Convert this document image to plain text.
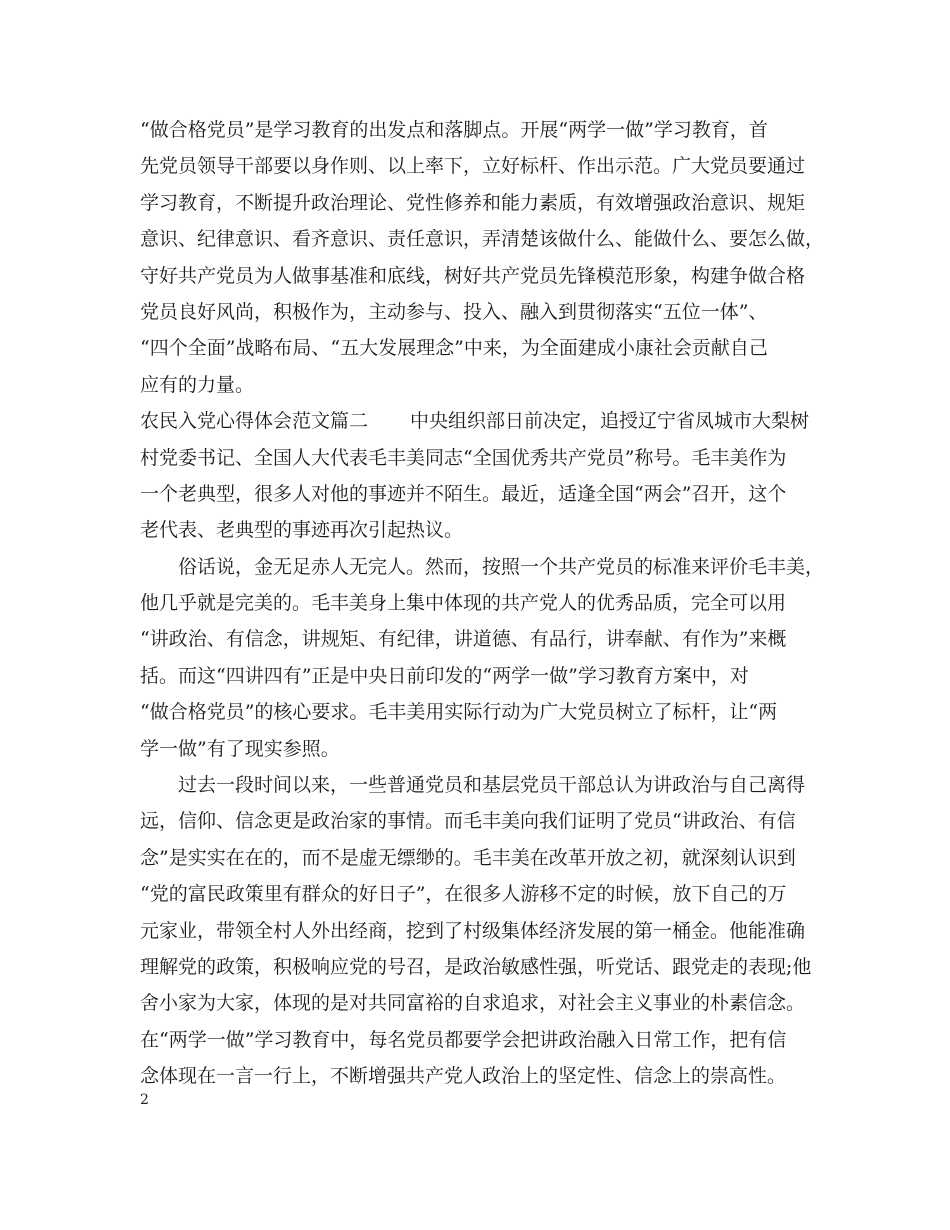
“做合格党员”是学习教育的出发点和落脚点。开展“两学一做”学习教育，首
先党员领导干部要以身作则、以上率下，立好标杆、作出示范。广大党员要通过
学习教育，不断提升政治理论、党性修养和能力素质，有效增强政治意识、规矩
意识、纪律意识、看齐意识、责任意识，弄清楚该做什么、能做什么、要怎么做，
守好共产党员为人做事基准和底线，树好共产党员先锋模范形象，构建争做合格
党员良好风尚，积极作为，主动参与、投入、融入到贯彻落实“五位一体”、
“四个全面”战略布局、“五大发展理念”中来，为全面建成小康社会贡献自己
应有的力量。
农民入党心得体会范文篇二 中央组织部日前决定，追授辽宁省凤城市大梨树
村党委书记、全国人大代表毛丰美同志“全国优秀共产党员”称号。毛丰美作为
一个老典型，很多人对他的事迹并不陌生。最近，适逢全国“两会”召开，这个
老代表、老典型的事迹再次引起热议。
俗话说，金无足赤人无完人。然而，按照一个共产党员的标准来评价毛丰美，
他几乎就是完美的。毛丰美身上集中体现的共产党人的优秀品质，完全可以用
“讲政治、有信念，讲规矩、有纪律，讲道德、有品行，讲奉献、有作为”来概
括。而这“四讲四有”正是中央日前印发的“两学一做”学习教育方案中，对
“做合格党员”的核心要求。毛丰美用实际行动为广大党员树立了标杆，让“两
学一做”有了现实参照。
过去一段时间以来，一些普通党员和基层党员干部总认为讲政治与自己离得
远，信仰、信念更是政治家的事情。而毛丰美向我们证明了党员“讲政治、有信
念”是实实在在的，而不是虚无缥缈的。毛丰美在改革开放之初，就深刻认识到
“党的富民政策里有群众的好日子”，在很多人游移不定的时候，放下自己的万
元家业，带领全村人外出经商，挖到了村级集体经济发展的第一桶金。他能准确
理解党的政策，积极响应党的号召，是政治敏感性强，听党话、跟党走的表现;他
舍小家为大家，体现的是对共同富裕的自求追求，对社会主义事业的朴素信念。
在“两学一做”学习教育中，每名党员都要学会把讲政治融入日常工作，把有信
念体现在一言一行上，不断增强共产党人政治上的坚定性、信念上的崇高性。
2
